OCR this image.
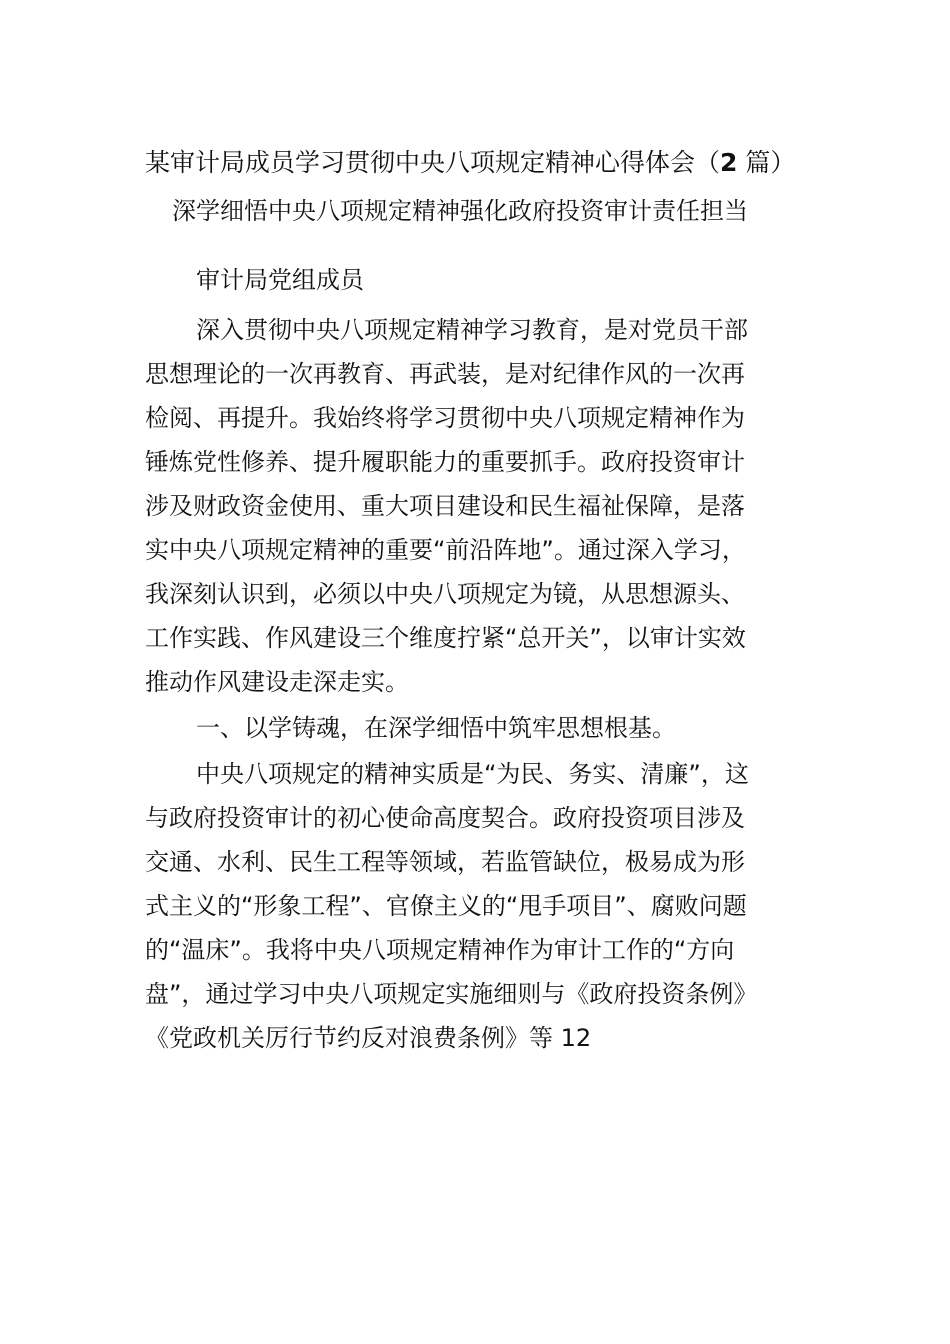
某审计局成员学习贯彻中央八项规定精神心得体会（2 篇）
深学细悟中央八项规定精神强化政府投资审计责任担当

审计局党组成员

深入贯彻中央八项规定精神学习教育，是对党员干部

思想理论的一次再教育、再武装，是对纪律作风的一次再

检阅、再提升。我始终将学习贯彻中央八项规定精神作为

锤炼党性修养、提升履职能力的重要抓手。政府投资审计

涉及财政资金使用、重大项目建设和民生福祉保障，是落

实中央八项规定精神的重要“前沿阵地”。通过深入学习，

我深刻认识到，必须以中央八项规定为镜，从思想源头、

工作实践、作风建设三个维度拧紧“总开关”，以审计实效

推动作风建设走深走实。

一、以学铸魂，在深学细悟中筑牢思想根基。

中央八项规定的精神实质是“为民、务实、清廉”，这

与政府投资审计的初心使命高度契合。政府投资项目涉及

交通、水利、民生工程等领域，若监管缺位，极易成为形

式主义的“形象工程”、官僚主义的“甩手项目”、腐败问题

的“温床”。我将中央八项规定精神作为审计工作的“方向

盘”，通过学习中央八项规定实施细则与《政府投资条例》

《党政机关厉行节约反对浪费条例》等 12
